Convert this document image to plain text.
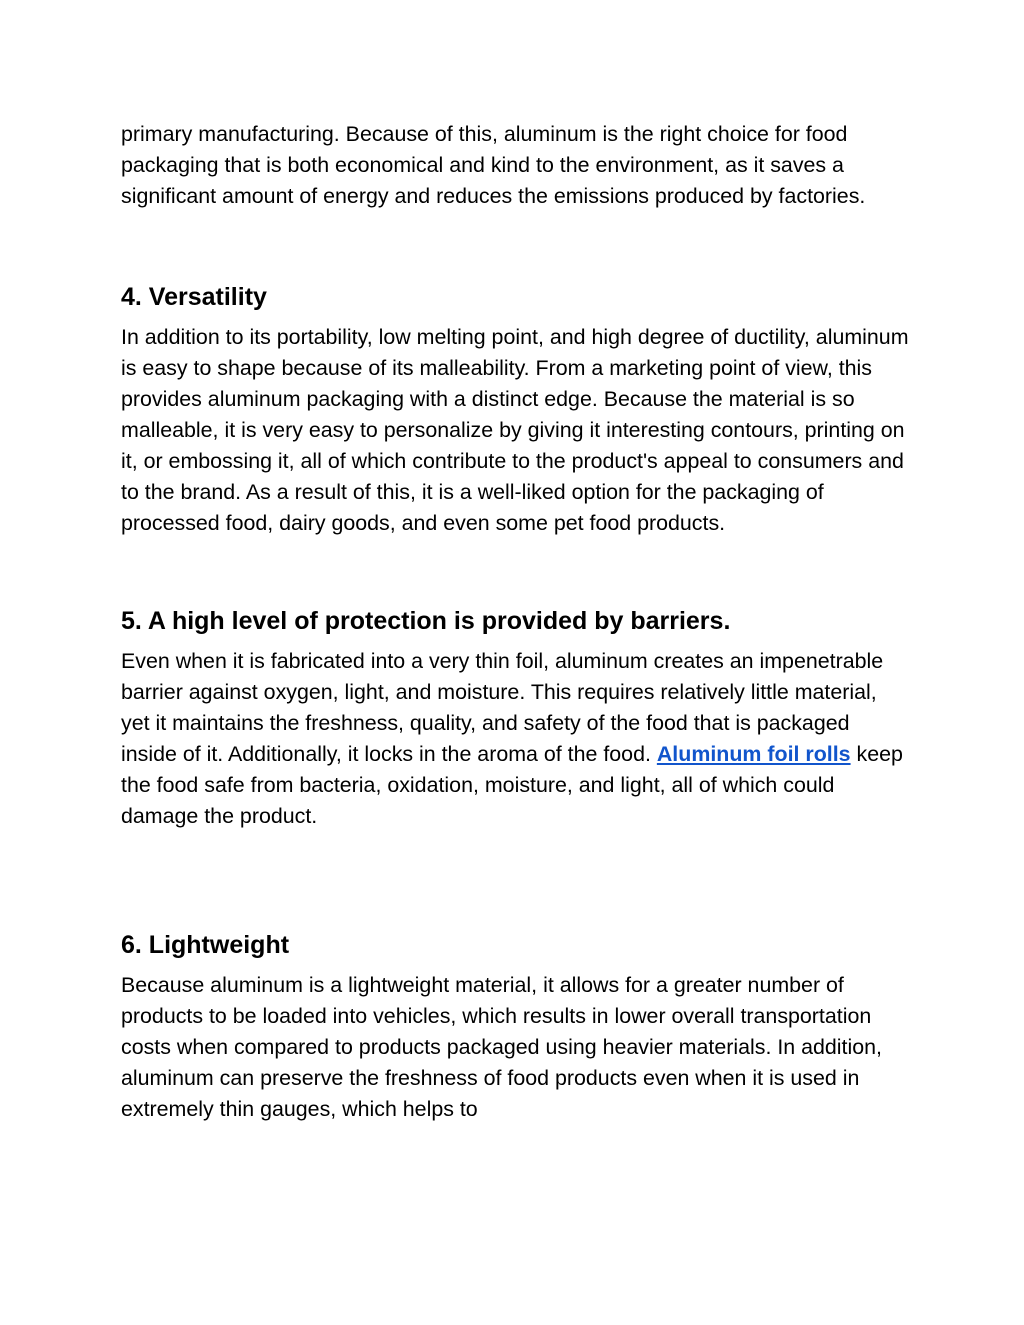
primary manufacturing. Because of this, aluminum is the right choice for food packaging that is both economical and kind to the environment, as it saves a significant amount of energy and reduces the emissions produced by factories.

4. Versatility

In addition to its portability, low melting point, and high degree of ductility, aluminum is easy to shape because of its malleability. From a marketing point of view, this provides aluminum packaging with a distinct edge. Because the material is so malleable, it is very easy to personalize by giving it interesting contours, printing on it, or embossing it, all of which contribute to the product's appeal to consumers and to the brand. As a result of this, it is a well-liked option for the packaging of processed food, dairy goods, and even some pet food products.

5. A high level of protection is provided by barriers.

Even when it is fabricated into a very thin foil, aluminum creates an impenetrable barrier against oxygen, light, and moisture. This requires relatively little material, yet it maintains the freshness, quality, and safety of the food that is packaged inside of it. Additionally, it locks in the aroma of the food. Aluminum foil rolls keep the food safe from bacteria, oxidation, moisture, and light, all of which could damage the product.

6. Lightweight

Because aluminum is a lightweight material, it allows for a greater number of products to be loaded into vehicles, which results in lower overall transportation costs when compared to products packaged using heavier materials. In addition, aluminum can preserve the freshness of food products even when it is used in extremely thin gauges, which helps to
